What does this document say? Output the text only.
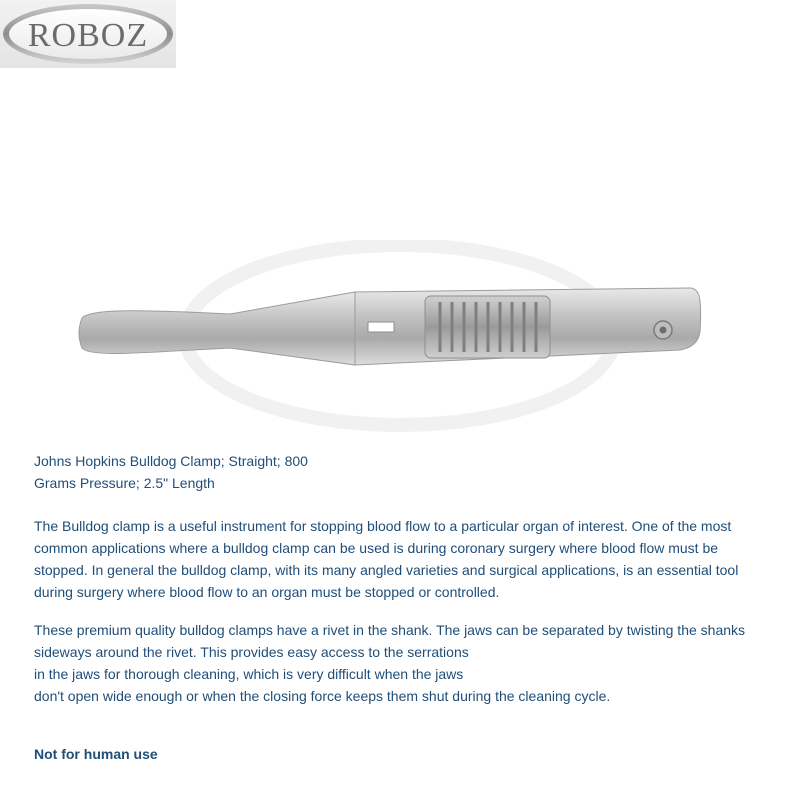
ROBOZ
Johns Hopkins Bulldog Clamp; Straight; 800
Grams Pressure; 2.5" Length
The Bulldog clamp is a useful instrument for stopping blood flow to a particular organ of interest. One of the most common applications where a bulldog clamp can be used is during coronary surgery where blood flow must be stopped. In general the bulldog clamp, with its many angled varieties and surgical applications, is an essential tool during surgery where blood flow to an organ must be stopped or controlled.
These premium quality bulldog clamps have a rivet in the shank. The jaws can be separated by twisting the shanks
sideways around the rivet. This provides easy access to the serrations
in the jaws for thorough cleaning, which is very difficult when the jaws
don't open wide enough or when the closing force keeps them shut during the cleaning cycle.
Not for human use
